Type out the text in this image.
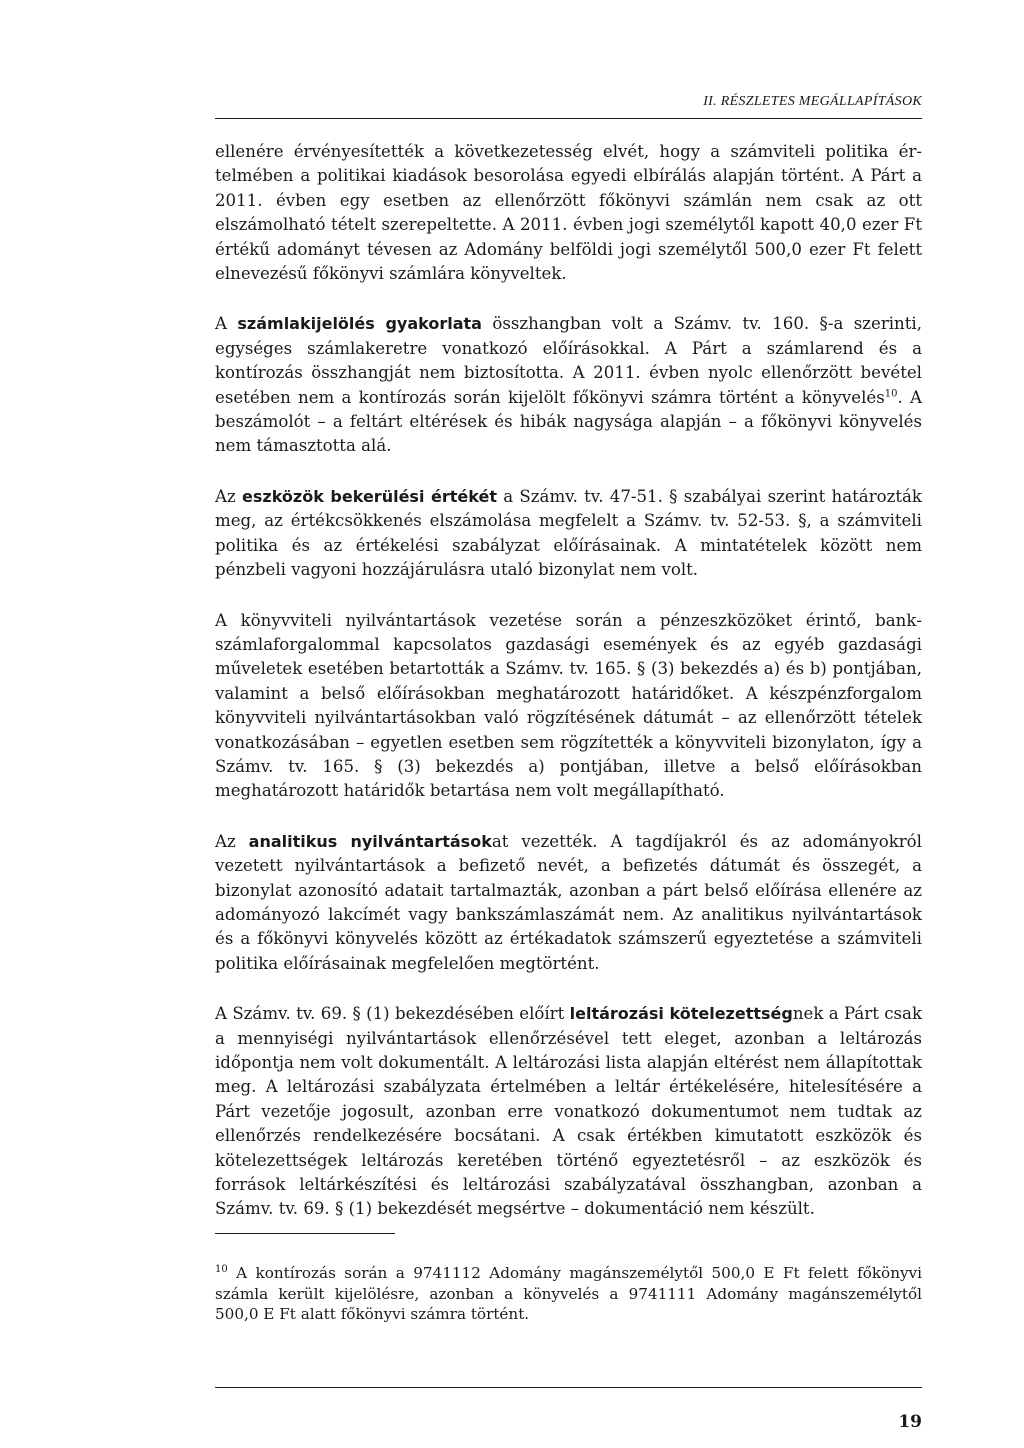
II. RÉSZLETES MEGÁLLAPÍTÁSOK

ellenére érvényesítették a következetesség elvét, hogy a számviteli politika értelmében a politikai kiadások besorolása egyedi elbírálás alapján történt. A Párt a 2011. évben egy esetben az ellenőrzött főkönyvi számlán nem csak az ott elszámolható tételt szerepeltette. A 2011. évben jogi személytől kapott 40,0 ezer Ft értékű adományt tévesen az Adomány belföldi jogi személytől 500,0 ezer Ft felett elnevezésű főkönyvi számlára könyveltek.

A számlakijelölés gyakorlata összhangban volt a Számv. tv. 160. §-a szerinti, egységes számlakeretre vonatkozó előírásokkal. A Párt a számlarend és a kontírozás összhangját nem biztosította. A 2011. évben nyolc ellenőrzött bevétel esetében nem a kontírozás során kijelölt főkönyvi számra történt a könyvelés$^{10}$. A beszámolót – a feltárt eltérések és hibák nagysága alapján – a főkönyvi könyvelés nem támasztotta alá.

Az eszközök bekerülési értékét a Számv. tv. 47-51. § szabályai szerint határozták meg, az értékcsökkenés elszámolása megfelelt a Számv. tv. 52-53. §, a számviteli politika és az értékelési szabályzat előírásainak. A mintatételek között nem pénzbeli vagyoni hozzájárulásra utaló bizonylat nem volt.

A könyvviteli nyilvántartások vezetése során a pénzeszközöket érintő, bankszámlaforgalommal kapcsolatos gazdasági események és az egyéb gazdasági műveletek esetében betartották a Számv. tv. 165. § (3) bekezdés a) és b) pontjában, valamint a belső előírásokban meghatározott határidőket. A készpénzforgalom könyvviteli nyilvántartásokban való rögzítésének dátumát – az ellenőrzött tételek vonatkozásában – egyetlen esetben sem rögzítették a könyvviteli bizonylaton, így a Számv. tv. 165. § (3) bekezdés a) pontjában, illetve a belső előírásokban meghatározott határidők betartása nem volt megállapítható.

Az analitikus nyilvántartásokat vezették. A tagdíjakról és az adományokról vezetett nyilvántartások a befizető nevét, a befizetés dátumát és összegét, a bizonylat azonosító adatait tartalmazták, azonban a párt belső előírása ellenére az adományozó lakcímét vagy bankszámlaszámát nem. Az analitikus nyilvántartások és a főkönyvi könyvelés között az értékadatok számszerű egyeztetése a számviteli politika előírásainak megfelelően megtörtént.

A Számv. tv. 69. § (1) bekezdésében előírt leltározási kötelezettségnek a Párt csak a mennyiségi nyilvántartások ellenőrzésével tett eleget, azonban a leltározás időpontja nem volt dokumentált. A leltározási lista alapján eltérést nem állapítottak meg. A leltározási szabályzata értelmében a leltár értékelésére, hitelesítésére a Párt vezetője jogosult, azonban erre vonatkozó dokumentumot nem tudtak az ellenőrzés rendelkezésére bocsátani. A csak értékben kimutatott eszközök és kötelezettségek leltározás keretében történő egyeztetésről – az eszközök és források leltárkészítési és leltározási szabályzatával összhangban, azonban a Számv. tv. 69. § (1) bekezdését megsértve – dokumentáció nem készült.

$^{10}$ A kontírozás során a 9741112 Adomány magánszemélytől 500,0 E Ft felett főkönyvi számla került kijelölésre, azonban a könyvelés a 9741111 Adomány magánszemélytől 500,0 E Ft alatt főkönyvi számra történt.

19
